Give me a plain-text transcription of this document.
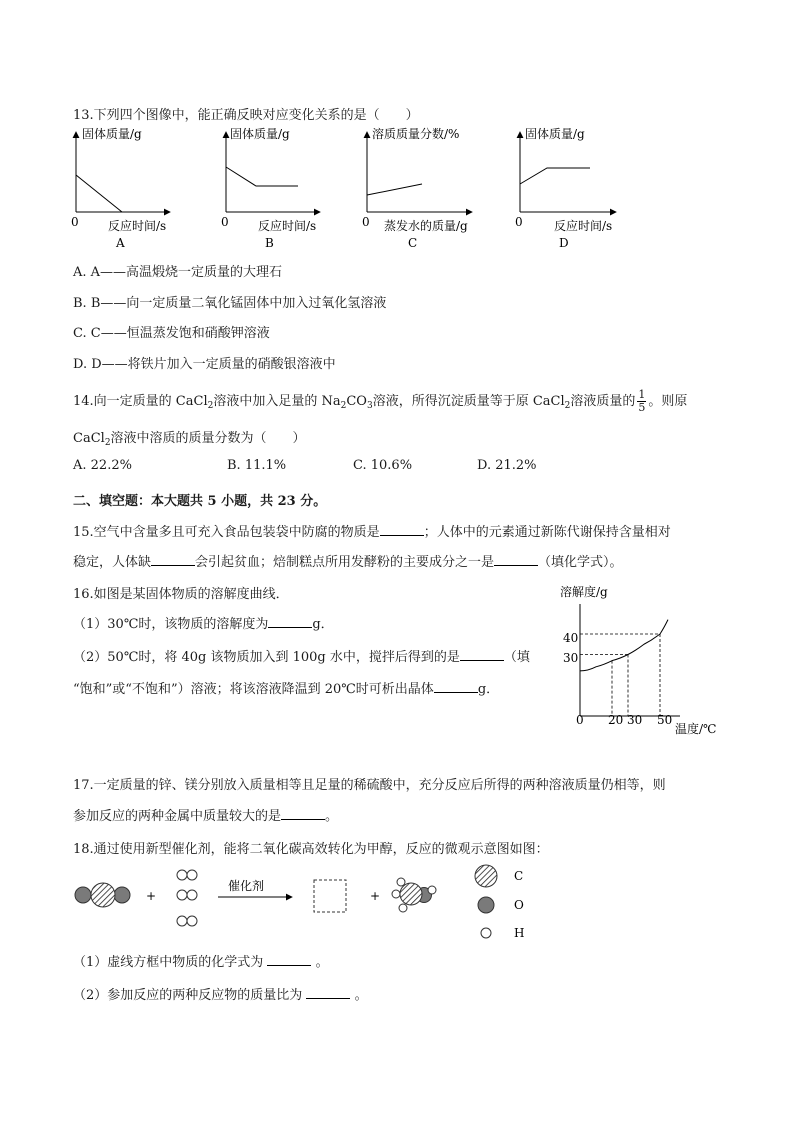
13.下列四个图像中，能正确反映对应变化关系的是（　　）
固体质量/g
0 反应时间/s
A
固体质量/g
0 反应时间/s
B
溶质质量分数/%
0 蒸发水的质量/g
C
固体质量/g
0	反应时间/s
D
A. A——高温煅烧一定质量的大理石
B. B——向一定质量二氧化锰固体中加入过氧化氢溶液
C. C——恒温蒸发饱和硝酸钾溶液
D. D——将铁片加入一定质量的硝酸银溶液中
14.向一定质量的 CaCl$_2$溶液中加入足量的 $Na_2CO_3$溶液，所得沉淀质量等于原 CaCl$_2$溶液质量的 $\frac{1}{5}$ 。则原
CaCl$_2$溶液中溶质的质量分数为（　　）
A. 22.2%	B. 11.1%	C. 10.6%	D. 21.2%
二、填空题：本大题共 5 小题，共 23 分。
15.空气中含量多且可充入食品包装袋中防腐的物质是	；人体中的元素通过新陈代谢保持含量相对
稳定，人体缺	会引起贫血；焙制糕点所用发酵粉的主要成分之一是	（填化学式）。
16.如图是某固体物质的溶解度曲线．
（1）30℃时，该物质的溶解度为	g．
（2）50℃时，将 40g 该物质加入到 100g 水中，搅拌后得到的是	（填
“饱和”或“不饱和”）溶液；将该溶液降温到 20℃时可析出晶体	g．
溶解度/g
40
30
0 20 30 50
温度/℃
17.一定质量的锌、镁分别放入质量相等且足量的稀硫酸中，充分反应后所得的两种溶液质量仍相等，则
参加反应的两种金属中质量较大的是	。
18.通过使用新型催化剂，能将二氧化碳高效转化为甲醇，反应的微观示意图如图：
+
催化剂
+
C
O
H
（1）虚线方框中物质的化学式为	。
（2）参加反应的两种反应物的质量比为	。
